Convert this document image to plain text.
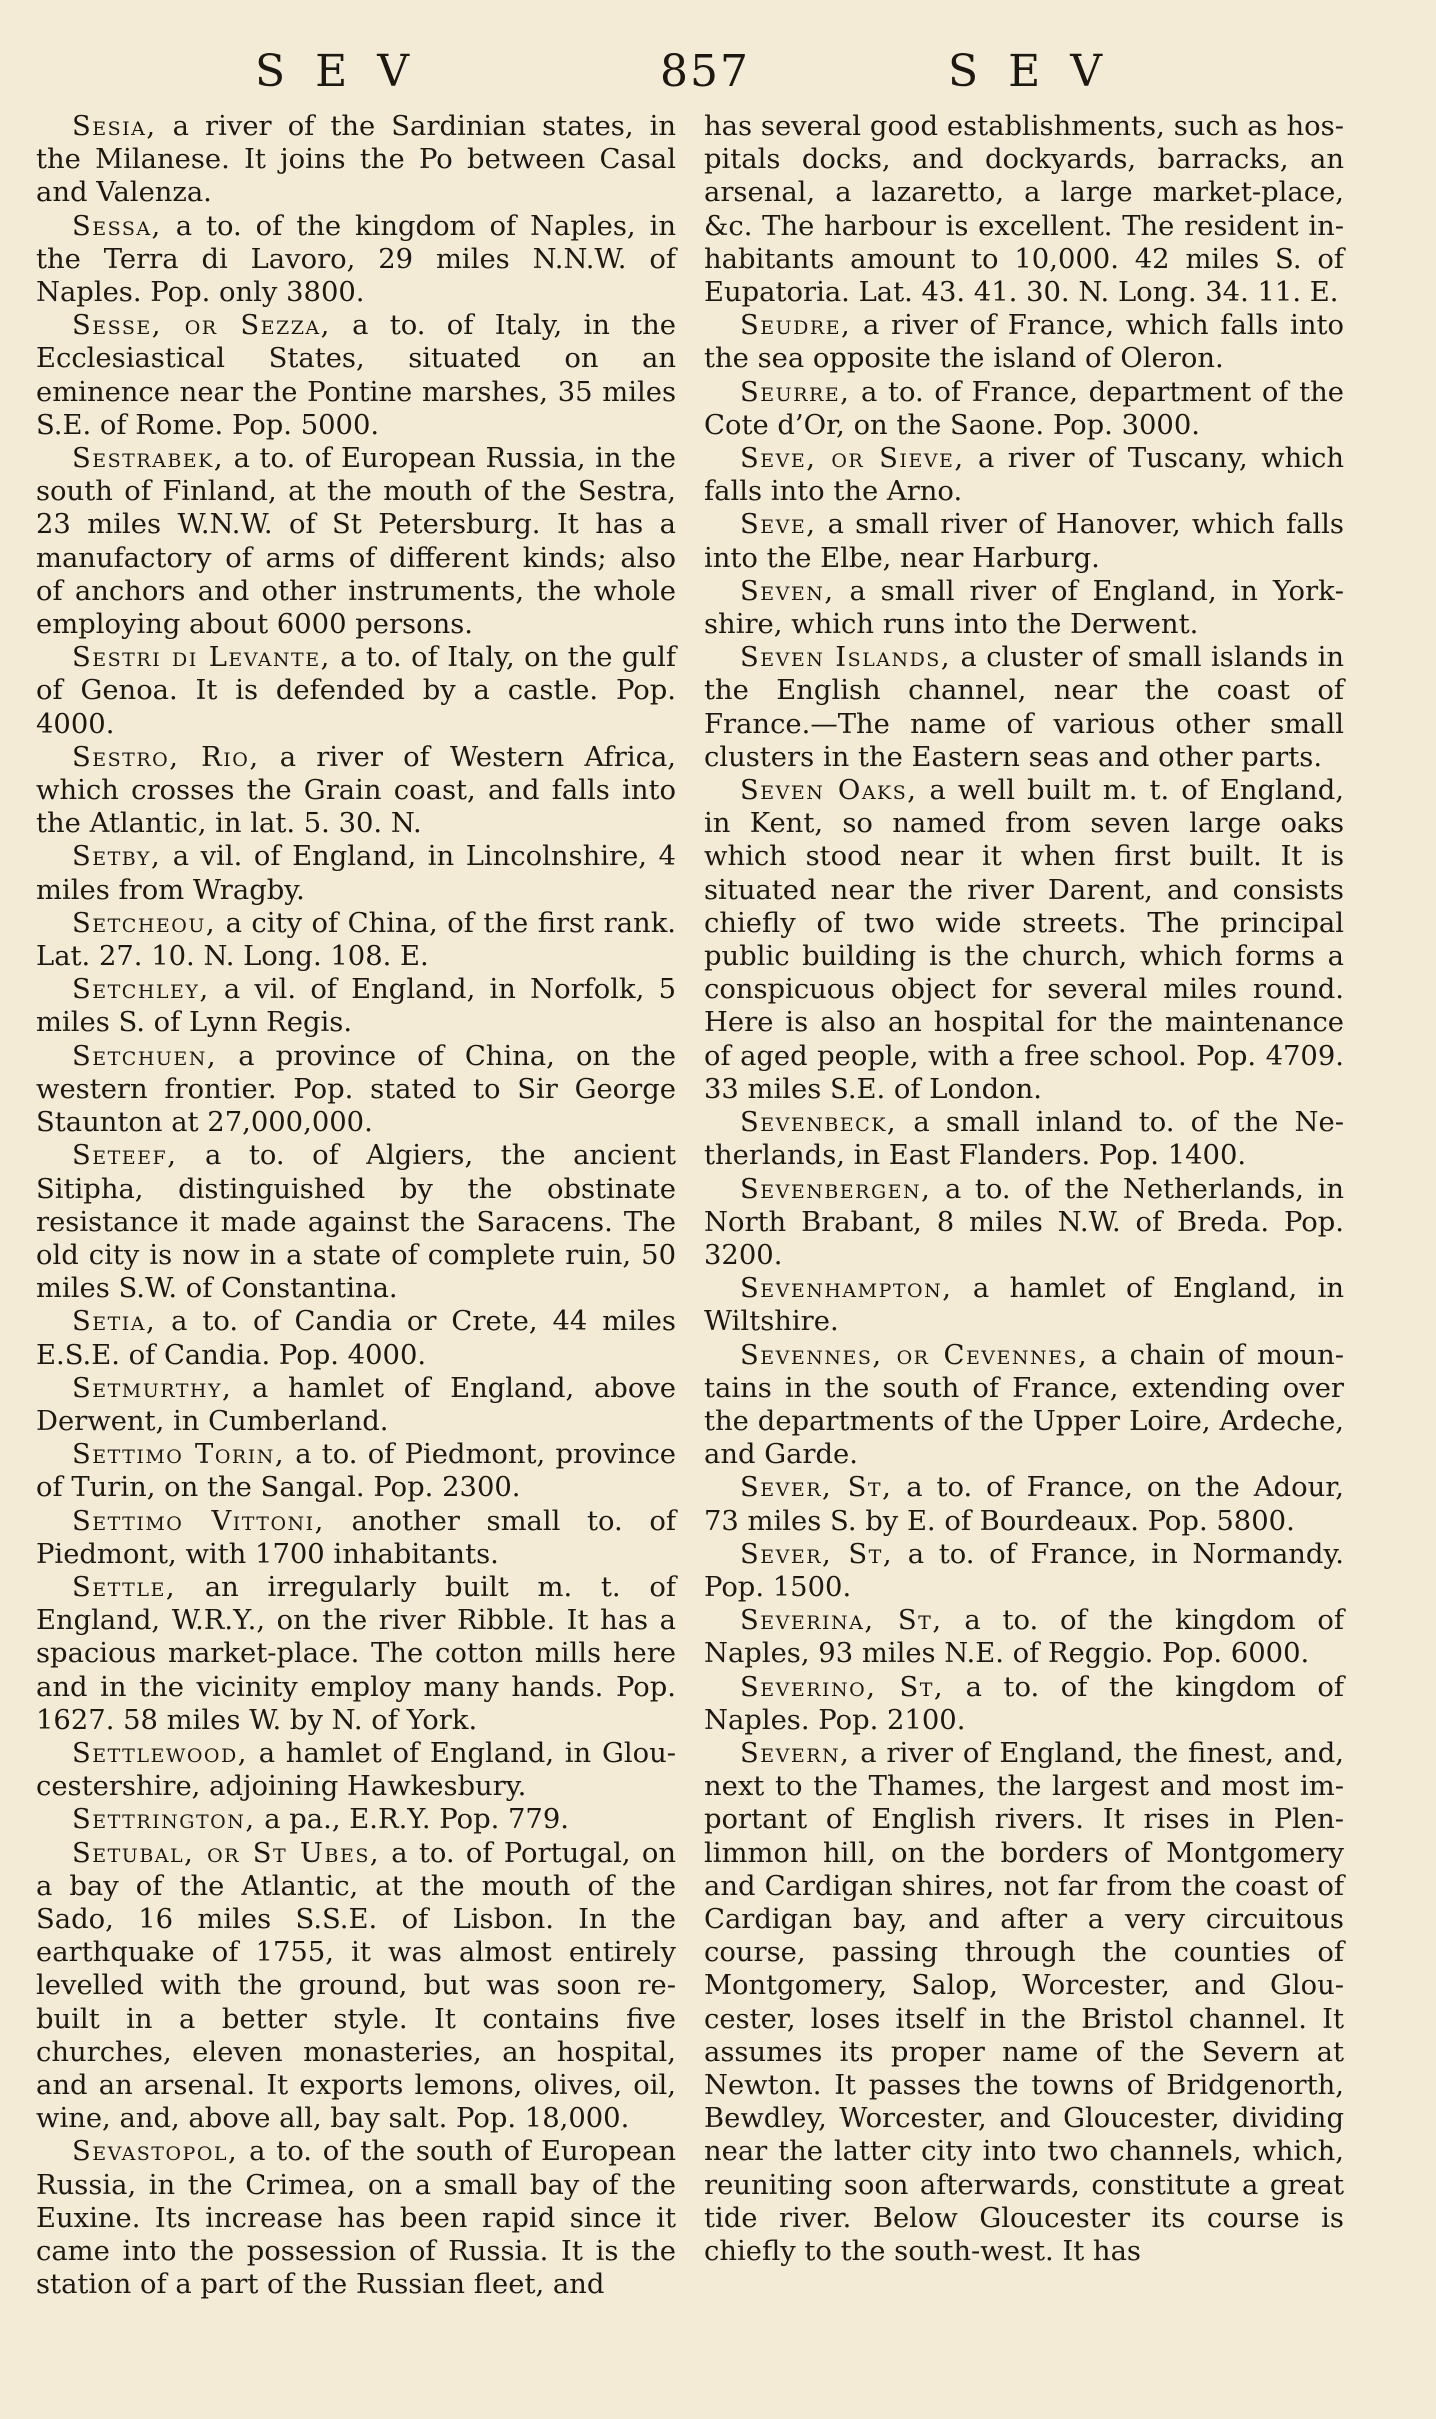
SEV	857	SEV

Sesia, a river of the Sardinian states, in the Milanese. It joins the Po between Casal and Valenza.

Sessa, a to. of the kingdom of Naples, in the Terra di Lavoro, 29 miles N.N.W. of Naples. Pop. only 3800.

Sesse, or Sezza, a to. of Italy, in the Ecclesiastical States, situated on an eminence near the Pontine marshes, 35 miles S.E. of Rome. Pop. 5000.

Sestrabek, a to. of European Russia, in the south of Finland, at the mouth of the Sestra, 23 miles W.N.W. of St Petersburg. It has a manufactory of arms of different kinds; also of anchors and other instruments, the whole employing about 6000 persons.

Sestri di Levante, a to. of Italy, on the gulf of Genoa. It is defended by a castle. Pop. 4000.

Sestro, Rio, a river of Western Africa, which crosses the Grain coast, and falls into the Atlantic, in lat. 5. 30. N.

Setby, a vil. of England, in Lincolnshire, 4 miles from Wragby.

Setcheou, a city of China, of the first rank. Lat. 27. 10. N. Long. 108. E.

Setchley, a vil. of England, in Norfolk, 5 miles S. of Lynn Regis.

Setchuen, a province of China, on the western frontier. Pop. stated to Sir George Staunton at 27,000,000.

Seteef, a to. of Algiers, the ancient Sitipha, distinguished by the obstinate resistance it made against the Saracens. The old city is now in a state of complete ruin, 50 miles S.W. of Constantina.

Setia, a to. of Candia or Crete, 44 miles E.S.E. of Candia. Pop. 4000.

Setmurthy, a hamlet of England, above Derwent, in Cumberland.

Settimo Torin, a to. of Piedmont, province of Turin, on the Sangal. Pop. 2300.

Settimo Vittoni, another small to. of Piedmont, with 1700 inhabitants.

Settle, an irregularly built m. t. of England, W.R.Y., on the river Ribble. It has a spacious market-place. The cotton mills here and in the vicinity employ many hands. Pop. 1627. 58 miles W. by N. of York.

Settlewood, a hamlet of England, in Gloucestershire, adjoining Hawkesbury.

Settrington, a pa., E.R.Y. Pop. 779.

Setubal, or St Ubes, a to. of Portugal, on a bay of the Atlantic, at the mouth of the Sado, 16 miles S.S.E. of Lisbon. In the earthquake of 1755, it was almost entirely levelled with the ground, but was soon rebuilt in a better style. It contains five churches, eleven monasteries, an hospital, and an arsenal. It exports lemons, olives, oil, wine, and, above all, bay salt. Pop. 18,000.

Sevastopol, a to. of the south of European Russia, in the Crimea, on a small bay of the Euxine. Its increase has been rapid since it came into the possession of Russia. It is the station of a part of the Russian fleet, and

has several good establishments, such as hospitals docks, and dockyards, barracks, an arsenal, a lazaretto, a large market-place, &c. The harbour is excellent. The resident inhabitants amount to 10,000. 42 miles S. of Eupatoria. Lat. 43. 41. 30. N. Long. 34. 11. E.

Seudre, a river of France, which falls into the sea opposite the island of Oleron.

Seurre, a to. of France, department of the Cote d’Or, on the Saone. Pop. 3000.

Seve, or Sieve, a river of Tuscany, which falls into the Arno.

Seve, a small river of Hanover, which falls into the Elbe, near Harburg.

Seven, a small river of England, in Yorkshire, which runs into the Derwent.

Seven Islands, a cluster of small islands in the English channel, near the coast of France.—The name of various other small clusters in the Eastern seas and other parts.

Seven Oaks, a well built m. t. of England, in Kent, so named from seven large oaks which stood near it when first built. It is situated near the river Darent, and consists chiefly of two wide streets. The principal public building is the church, which forms a conspicuous object for several miles round. Here is also an hospital for the maintenance of aged people, with a free school. Pop. 4709. 33 miles S.E. of London.

Sevenbeck, a small inland to. of the Netherlands, in East Flanders. Pop. 1400.

Sevenbergen, a to. of the Netherlands, in North Brabant, 8 miles N.W. of Breda. Pop. 3200.

Sevenhampton, a hamlet of England, in Wiltshire.

Sevennes, or Cevennes, a chain of mountains in the south of France, extending over the departments of the Upper Loire, Ardeche, and Garde.

Sever, St, a to. of France, on the Adour, 73 miles S. by E. of Bourdeaux. Pop. 5800.

Sever, St, a to. of France, in Normandy. Pop. 1500.

Severina, St, a to. of the kingdom of Naples, 93 miles N.E. of Reggio. Pop. 6000.

Severino, St, a to. of the kingdom of Naples. Pop. 2100.

Severn, a river of England, the finest, and, next to the Thames, the largest and most important of English rivers. It rises in Plenlimmon hill, on the borders of Montgomery and Cardigan shires, not far from the coast of Cardigan bay, and after a very circuitous course, passing through the counties of Montgomery, Salop, Worcester, and Gloucester, loses itself in the Bristol channel. It assumes its proper name of the Severn at Newton. It passes the towns of Bridgenorth, Bewdley, Worcester, and Gloucester, dividing near the latter city into two channels, which, reuniting soon afterwards, constitute a great tide river. Below Gloucester its course is chiefly to the south-west. It has
